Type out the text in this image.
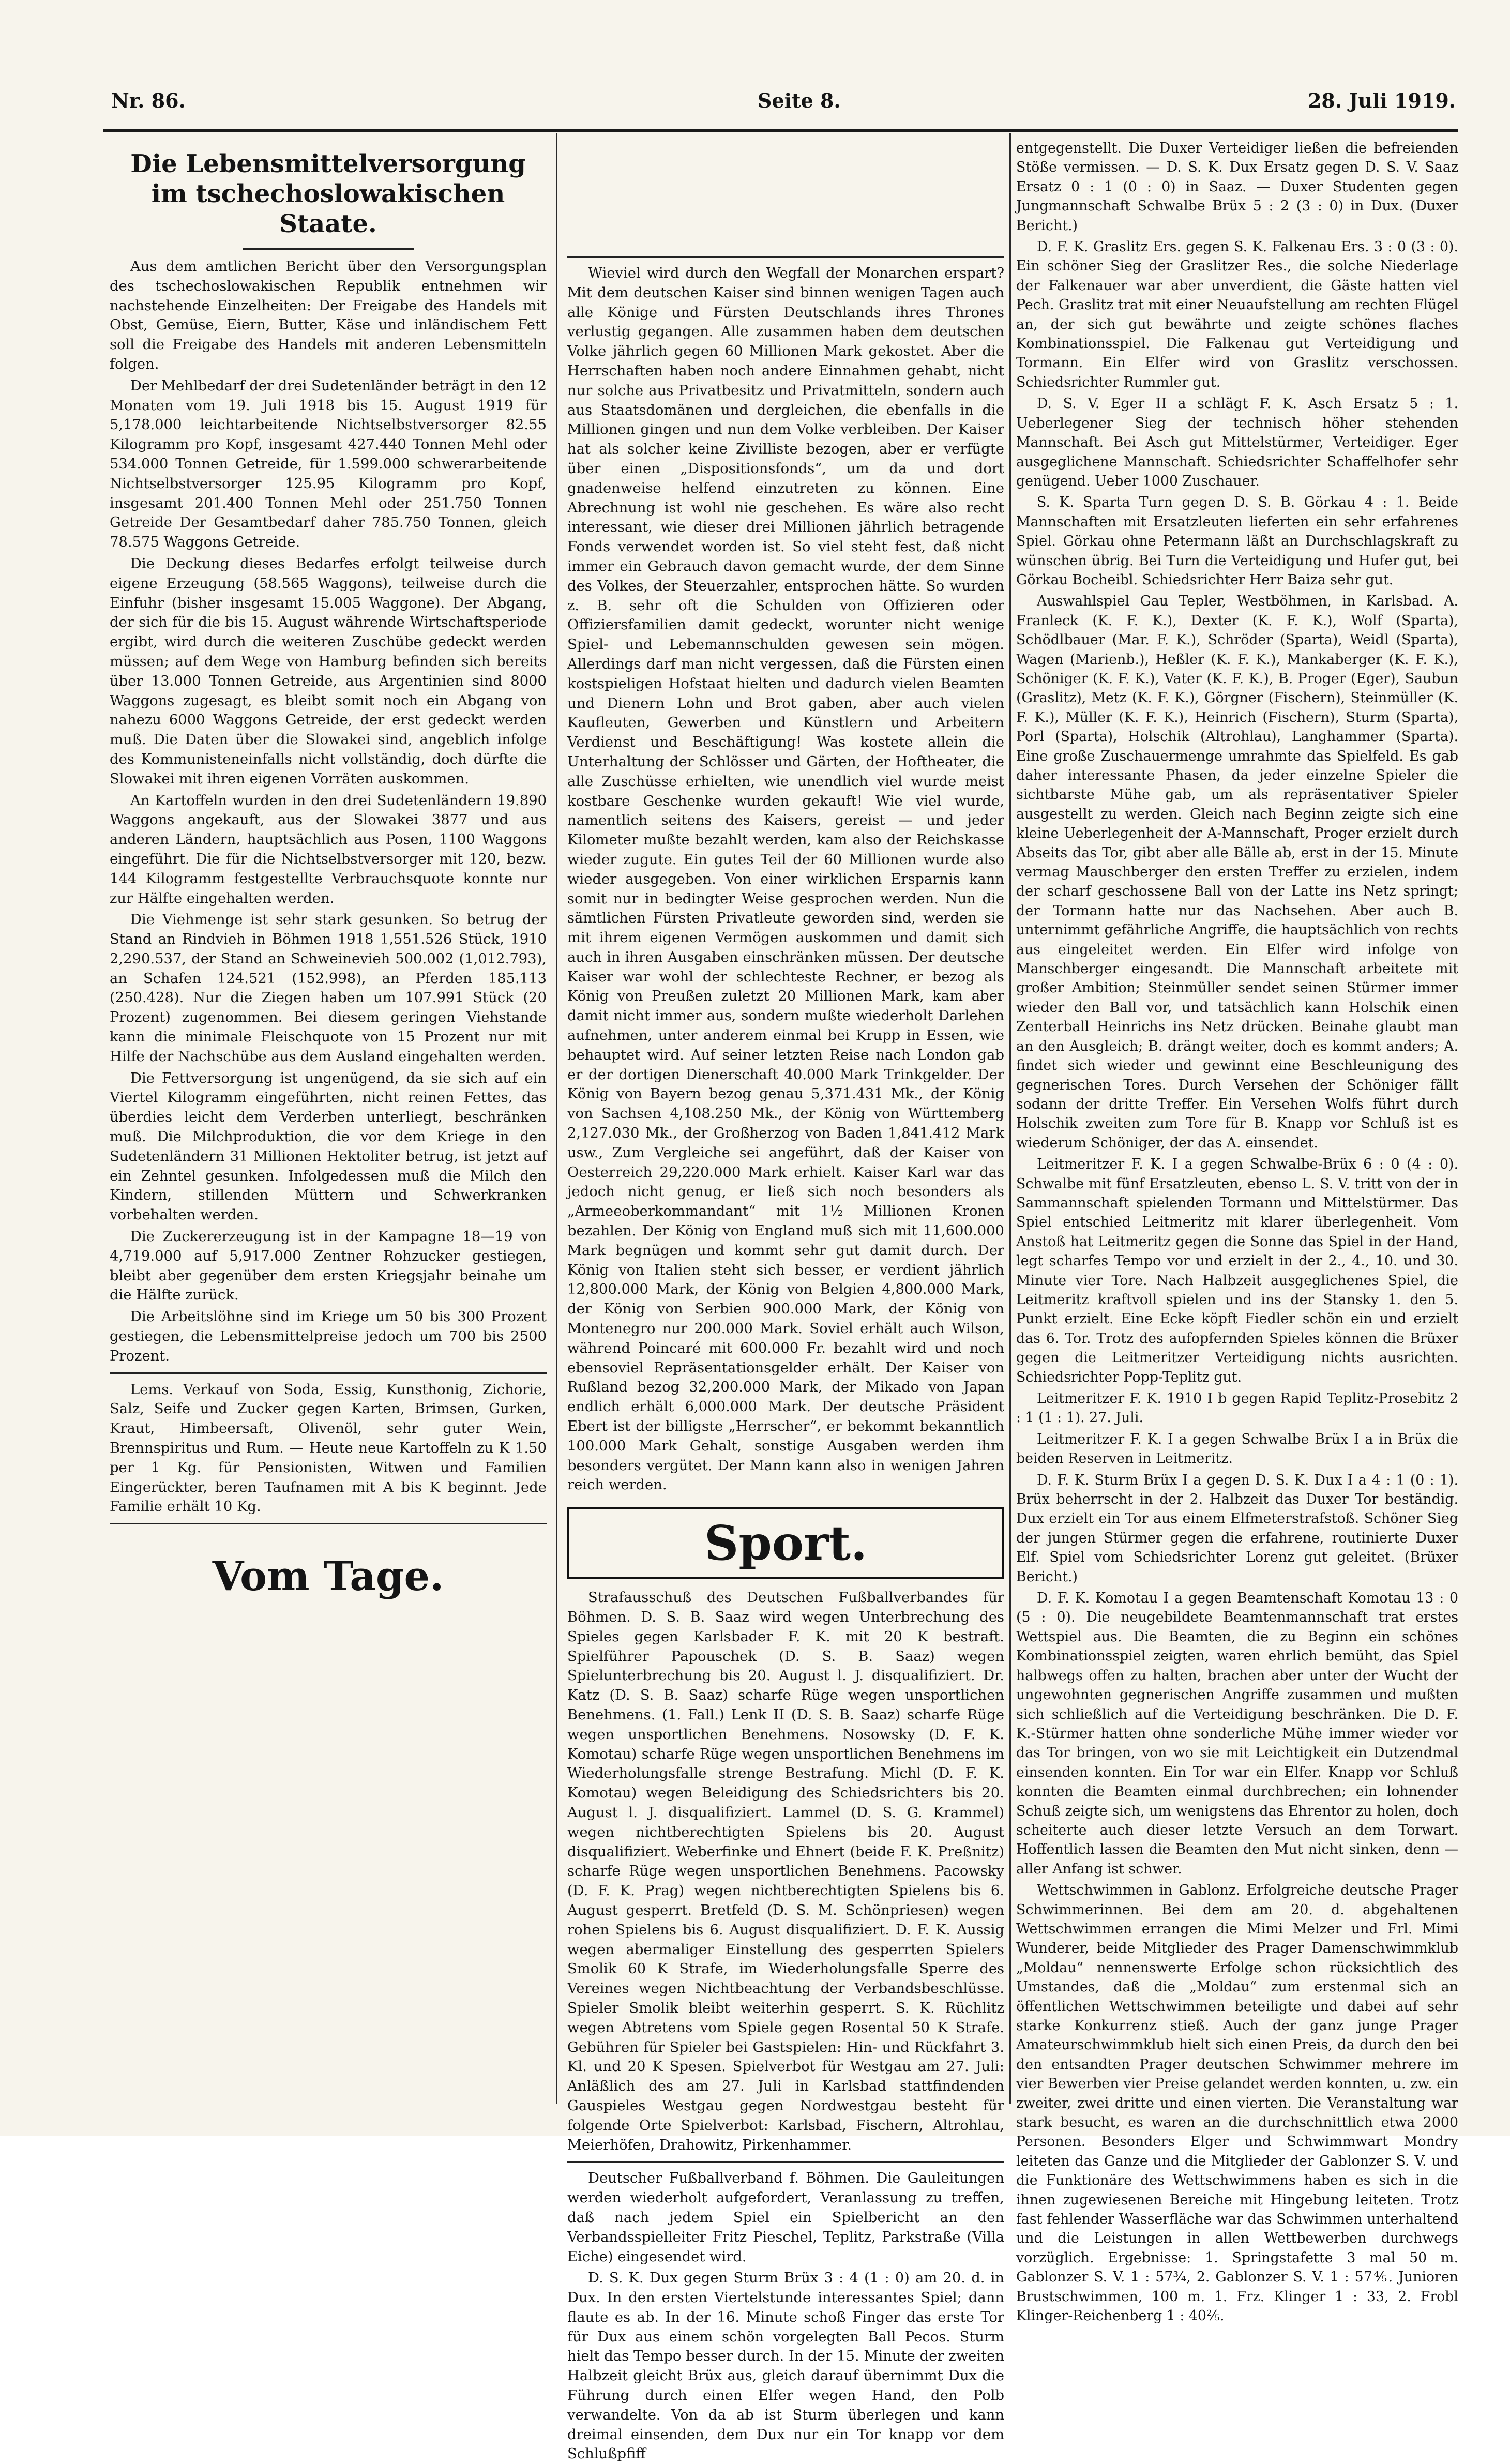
Nr. 86.	Seite 8.	28. Juli 1919.
Die Lebensmittelversorgung
im tschechoslowakischen Staate.

Aus dem amtlichen Bericht über den Versorgungsplan des tschechoslowakischen Republik entnehmen wir nachstehende Einzelheiten: Der Freigabe des Handels mit Obst, Gemüse, Eiern, Butter, Käse und inländischem Fett soll die Freigabe des Handels mit anderen Lebensmitteln folgen.

Der Mehlbedarf der drei Sudetenländer beträgt in den 12 Monaten vom 19. Juli 1918 bis 15. August 1919 für 5,178.000 leichtarbeitende Nichtselbstversorger 82.55 Kilogramm pro Kopf, insgesamt 427.440 Tonnen Mehl oder 534.000 Tonnen Getreide, für 1.599.000 schwerarbeitende Nichtselbstversorger 125.95 Kilogramm pro Kopf, insgesamt 201.400 Tonnen Mehl oder 251.750 Tonnen Getreide Der Gesamtbedarf daher 785.750 Tonnen, gleich 78.575 Waggons Getreide.

Die Deckung dieses Bedarfes erfolgt teilweise durch eigene Erzeugung (58.565 Waggons), teilweise durch die Einfuhr (bisher insgesamt 15.005 Waggone). Der Abgang, der sich für die bis 15. August währende Wirtschaftsperiode ergibt, wird durch die weiteren Zuschübe gedeckt werden müssen; auf dem Wege von Hamburg befinden sich bereits über 13.000 Tonnen Getreide, aus Argentinien sind 8000 Waggons zugesagt, es bleibt somit noch ein Abgang von nahezu 6000 Waggons Getreide, der erst gedeckt werden muß. Die Daten über die Slowakei sind, angeblich infolge des Kommunisteneinfalls nicht vollständig, doch dürfte die Slowakei mit ihren eigenen Vorräten auskommen.

An Kartoffeln wurden in den drei Sudetenländern 19.890 Waggons angekauft, aus der Slowakei 3877 und aus anderen Ländern, hauptsächlich aus Posen, 1100 Waggons eingeführt. Die für die Nichtselbstversorger mit 120, bezw. 144 Kilogramm festgestellte Verbrauchsquote konnte nur zur Hälfte eingehalten werden.

Die Viehmenge ist sehr stark gesunken. So betrug der Stand an Rindvieh in Böhmen 1918 1,551.526 Stück, 1910 2,290.537, der Stand an Schweinevieh 500.002 (1,012.793), an Schafen 124.521 (152.998), an Pferden 185.113 (250.428). Nur die Ziegen haben um 107.991 Stück (20 Prozent) zugenommen. Bei diesem geringen Viehstande kann die minimale Fleischquote von 15 Prozent nur mit Hilfe der Nachschübe aus dem Ausland eingehalten werden.

Die Fettversorgung ist ungenügend, da sie sich auf ein Viertel Kilogramm eingeführten, nicht reinen Fettes, das überdies leicht dem Verderben unterliegt, beschränken muß. Die Milchproduktion, die vor dem Kriege in den Sudetenländern 31 Millionen Hektoliter betrug, ist jetzt auf ein Zehntel gesunken. Infolgedessen muß die Milch den Kindern, stillenden Müttern und Schwerkranken vorbehalten werden.

Die Zuckererzeugung ist in der Kampagne 18—19 von 4,719.000 auf 5,917.000 Zentner Rohzucker gestiegen, bleibt aber gegenüber dem ersten Kriegsjahr beinahe um die Hälfte zurück.

Die Arbeitslöhne sind im Kriege um 50 bis 300 Prozent gestiegen, die Lebensmittelpreise jedoch um 700 bis 2500 Prozent.

Lems. Verkauf von Soda, Essig, Kunsthonig, Zichorie, Salz, Seife und Zucker gegen Karten, Brimsen, Gurken, Kraut, Himbeersaft, Olivenöl, sehr guter Wein, Brennspiritus und Rum. — Heute neue Kartoffeln zu K 1.50 per 1 Kg. für Pensionisten, Witwen und Familien Eingerückter, beren Taufnamen mit A bis K beginnt. Jede Familie erhält 10 Kg.

Vom Tage.

Wieviel wird durch den Wegfall der Monarchen erspart? Mit dem deutschen Kaiser sind binnen wenigen Tagen auch alle Könige und Fürsten Deutschlands ihres Thrones verlustig gegangen. Alle zusammen haben dem deutschen Volke jährlich gegen 60 Millionen Mark gekostet. Aber die Herrschaften haben noch andere Einnahmen gehabt, nicht nur solche aus Privatbesitz und Privatmitteln, sondern auch aus Staatsdomänen und dergleichen, die ebenfalls in die Millionen gingen und nun dem Volke verbleiben. Der Kaiser hat als solcher keine Zivilliste bezogen, aber er verfügte über einen „Dispositionsfonds“, um da und dort gnadenweise helfend einzutreten zu können. Eine Abrechnung ist wohl nie geschehen. Es wäre also recht interessant, wie dieser drei Millionen jährlich betragende Fonds verwendet worden ist. So viel steht fest, daß nicht immer ein Gebrauch davon gemacht wurde, der dem Sinne des Volkes, der Steuerzahler, entsprochen hätte. So wurden z. B. sehr oft die Schulden von Offizieren oder Offiziersfamilien damit gedeckt, worunter nicht wenige Spiel- und Lebemannschulden gewesen sein mögen. Allerdings darf man nicht vergessen, daß die Fürsten einen kostspieligen Hofstaat hielten und dadurch vielen Beamten und Dienern Lohn und Brot gaben, aber auch vielen Kaufleuten, Gewerben und Künstlern und Arbeitern Verdienst und Beschäftigung! Was kostete allein die Unterhaltung der Schlösser und Gärten, der Hoftheater, die alle Zuschüsse erhielten, wie unendlich viel wurde meist kostbare Geschenke wurden gekauft! Wie viel wurde, namentlich seitens des Kaisers, gereist — und jeder Kilometer mußte bezahlt werden, kam also der Reichskasse wieder zugute. Ein gutes Teil der 60 Millionen wurde also wieder ausgegeben. Von einer wirklichen Ersparnis kann somit nur in bedingter Weise gesprochen werden. Nun die sämtlichen Fürsten Privatleute geworden sind, werden sie mit ihrem eigenen Vermögen auskommen und damit sich auch in ihren Ausgaben einschränken müssen. Der deutsche Kaiser war wohl der schlechteste Rechner, er bezog als König von Preußen zuletzt 20 Millionen Mark, kam aber damit nicht immer aus, sondern mußte wiederholt Darlehen aufnehmen, unter anderem einmal bei Krupp in Essen, wie behauptet wird. Auf seiner letzten Reise nach London gab er der dortigen Dienerschaft 40.000 Mark Trinkgelder. Der König von Bayern bezog genau 5,371.431 Mk., der König von Sachsen 4,108.250 Mk., der König von Württemberg 2,127.030 Mk., der Großherzog von Baden 1,841.412 Mark usw., Zum Vergleiche sei angeführt, daß der Kaiser von Oesterreich 29,220.000 Mark erhielt. Kaiser Karl war das jedoch nicht genug, er ließ sich noch besonders als „Armeeoberkommandant“ mit 1½ Millionen Kronen bezahlen. Der König von England muß sich mit 11,600.000 Mark begnügen und kommt sehr gut damit durch. Der König von Italien steht sich besser, er verdient jährlich 12,800.000 Mark, der König von Belgien 4,800.000 Mark, der König von Serbien 900.000 Mark, der König von Montenegro nur 200.000 Mark. Soviel erhält auch Wilson, während Poincaré mit 600.000 Fr. bezahlt wird und noch ebensoviel Repräsentationsgelder erhält. Der Kaiser von Rußland bezog 32,200.000 Mark, der Mikado von Japan endlich erhält 6,000.000 Mark. Der deutsche Präsident Ebert ist der billigste „Herrscher“, er bekommt bekanntlich 100.000 Mark Gehalt, sonstige Ausgaben werden ihm besonders vergütet. Der Mann kann also in wenigen Jahren reich werden.

Sport.

Strafausschuß des Deutschen Fußballverbandes für Böhmen. D. S. B. Saaz wird wegen Unterbrechung des Spieles gegen Karlsbader F. K. mit 20 K bestraft. Spielführer Papouschek (D. S. B. Saaz) wegen Spielunterbrechung bis 20. August l. J. disqualifiziert. Dr. Katz (D. S. B. Saaz) scharfe Rüge wegen unsportlichen Benehmens. (1. Fall.) Lenk II (D. S. B. Saaz) scharfe Rüge wegen unsportlichen Benehmens. Nosowsky (D. F. K. Komotau) scharfe Rüge wegen unsportlichen Benehmens im Wiederholungsfalle strenge Bestrafung. Michl (D. F. K. Komotau) wegen Beleidigung des Schiedsrichters bis 20. August l. J. disqualifiziert. Lammel (D. S. G. Krammel) wegen nichtberechtigten Spielens bis 20. August disqualifiziert. Weberfinke und Ehnert (beide F. K. Preßnitz) scharfe Rüge wegen unsportlichen Benehmens. Pacowsky (D. F. K. Prag) wegen nichtberechtigten Spielens bis 6. August gesperrt. Bretfeld (D. S. M. Schönpriesen) wegen rohen Spielens bis 6. August disqualifiziert. D. F. K. Aussig wegen abermaliger Einstellung des gesperrten Spielers Smolik 60 K Strafe, im Wiederholungsfalle Sperre des Vereines wegen Nichtbeachtung der Verbandsbeschlüsse. Spieler Smolik bleibt weiterhin gesperrt. S. K. Rüchlitz wegen Abtretens vom Spiele gegen Rosental 50 K Strafe. Gebühren für Spieler bei Gastspielen: Hin- und Rückfahrt 3. Kl. und 20 K Spesen. Spielverbot für Westgau am 27. Juli: Anläßlich des am 27. Juli in Karlsbad stattfindenden Gauspieles Westgau gegen Nordwestgau besteht für folgende Orte Spielverbot: Karlsbad, Fischern, Altrohlau, Meierhöfen, Drahowitz, Pirkenhammer.

Deutscher Fußballverband f. Böhmen. Die Gauleitungen werden wiederholt aufgefordert, Veranlassung zu treffen, daß nach jedem Spiel ein Spielbericht an den Verbandsspielleiter Fritz Pieschel, Teplitz, Parkstraße (Villa Eiche) eingesendet wird.

D. S. K. Dux gegen Sturm Brüx 3 : 4 (1 : 0) am 20. d. in Dux. In den ersten Viertelstunde interessantes Spiel; dann flaute es ab. In der 16. Minute schoß Finger das erste Tor für Dux aus einem schön vorgelegten Ball Pecos. Sturm hielt das Tempo besser durch. In der 15. Minute der zweiten Halbzeit gleicht Brüx aus, gleich darauf übernimmt Dux die Führung durch einen Elfer wegen Hand, den Polb verwandelte. Von da ab ist Sturm überlegen und kann dreimal einsenden, dem Dux nur ein Tor knapp vor dem Schlußpfiff

entgegenstellt. Die Duxer Verteidiger ließen die befreienden Stöße vermissen. — D. S. K. Dux Ersatz gegen D. S. V. Saaz Ersatz 0 : 1 (0 : 0) in Saaz. — Duxer Studenten gegen Jungmannschaft Schwalbe Brüx 5 : 2 (3 : 0) in Dux. (Duxer Bericht.)

D. F. K. Graslitz Ers. gegen S. K. Falkenau Ers. 3 : 0 (3 : 0). Ein schöner Sieg der Graslitzer Res., die solche Niederlage der Falkenauer war aber unverdient, die Gäste hatten viel Pech. Graslitz trat mit einer Neuaufstellung am rechten Flügel an, der sich gut bewährte und zeigte schönes flaches Kombinationsspiel. Die Falkenau gut Verteidigung und Tormann. Ein Elfer wird von Graslitz verschossen. Schiedsrichter Rummler gut.

D. S. V. Eger II a schlägt F. K. Asch Ersatz 5 : 1. Ueberlegener Sieg der technisch höher stehenden Mannschaft. Bei Asch gut Mittelstürmer, Verteidiger. Eger ausgeglichene Mannschaft. Schiedsrichter Schaffelhofer sehr genügend. Ueber 1000 Zuschauer.

S. K. Sparta Turn gegen D. S. B. Görkau 4 : 1. Beide Mannschaften mit Ersatzleuten lieferten ein sehr erfahrenes Spiel. Görkau ohne Petermann läßt an Durchschlagskraft zu wünschen übrig. Bei Turn die Verteidigung und Hufer gut, bei Görkau Bocheibl. Schiedsrichter Herr Baiza sehr gut.

Auswahlspiel Gau Tepler, Westböhmen, in Karlsbad. A. Franleck (K. F. K.), Dexter (K. F. K.), Wolf (Sparta), Schödlbauer (Mar. F. K.), Schröder (Sparta), Weidl (Sparta), Wagen (Marienb.), Heßler (K. F. K.), Mankaberger (K. F. K.), Schöniger (K. F. K.), Vater (K. F. K.), B. Proger (Eger), Saubun (Graslitz), Metz (K. F. K.), Görgner (Fischern), Steinmüller (K. F. K.), Müller (K. F. K.), Heinrich (Fischern), Sturm (Sparta), Porl (Sparta), Holschik (Altrohlau), Langhammer (Sparta). Eine große Zuschauermenge umrahmte das Spielfeld. Es gab daher interessante Phasen, da jeder einzelne Spieler die sichtbarste Mühe gab, um als repräsentativer Spieler ausgestellt zu werden. Gleich nach Beginn zeigte sich eine kleine Ueberlegenheit der A-Mannschaft, Proger erzielt durch Abseits das Tor, gibt aber alle Bälle ab, erst in der 15. Minute vermag Mauschberger den ersten Treffer zu erzielen, indem der scharf geschossene Ball von der Latte ins Netz springt; der Tormann hatte nur das Nachsehen. Aber auch B. unternimmt gefährliche Angriffe, die hauptsächlich von rechts aus eingeleitet werden. Ein Elfer wird infolge von Manschberger eingesandt. Die Mannschaft arbeitete mit großer Ambition; Steinmüller sendet seinen Stürmer immer wieder den Ball vor, und tatsächlich kann Holschik einen Zenterball Heinrichs ins Netz drücken. Beinahe glaubt man an den Ausgleich; B. drängt weiter, doch es kommt anders; A. findet sich wieder und gewinnt eine Beschleunigung des gegnerischen Tores. Durch Versehen der Schöniger fällt sodann der dritte Treffer. Ein Versehen Wolfs führt durch Holschik zweiten zum Tore für B. Knapp vor Schluß ist es wiederum Schöniger, der das A. einsendet.

Leitmeritzer F. K. I a gegen Schwalbe-Brüx 6 : 0 (4 : 0). Schwalbe mit fünf Ersatzleuten, ebenso L. S. V. tritt von der in Sammannschaft spielenden Tormann und Mittelstürmer. Das Spiel entschied Leitmeritz mit klarer überlegenheit. Vom Anstoß hat Leitmeritz gegen die Sonne das Spiel in der Hand, legt scharfes Tempo vor und erzielt in der 2., 4., 10. und 30. Minute vier Tore. Nach Halbzeit ausgeglichenes Spiel, die Leitmeritz kraftvoll spielen und ins der Stansky 1. den 5. Punkt erzielt. Eine Ecke köpft Fiedler schön ein und erzielt das 6. Tor. Trotz des aufopfernden Spieles können die Brüxer gegen die Leitmeritzer Verteidigung nichts ausrichten. Schiedsrichter Popp-Teplitz gut.

Leitmeritzer F. K. 1910 I b gegen Rapid Teplitz-Prosebitz 2 : 1 (1 : 1). 27. Juli.

Leitmeritzer F. K. I a gegen Schwalbe Brüx I a in Brüx die beiden Reserven in Leitmeritz.

D. F. K. Sturm Brüx I a gegen D. S. K. Dux I a 4 : 1 (0 : 1). Brüx beherrscht in der 2. Halbzeit das Duxer Tor beständig. Dux erzielt ein Tor aus einem Elfmeterstrafstoß. Schöner Sieg der jungen Stürmer gegen die erfahrene, routinierte Duxer Elf. Spiel vom Schiedsrichter Lorenz gut geleitet. (Brüxer Bericht.)

D. F. K. Komotau I a gegen Beamtenschaft Komotau 13 : 0 (5 : 0). Die neugebildete Beamtenmannschaft trat erstes Wettspiel aus. Die Beamten, die zu Beginn ein schönes Kombinationsspiel zeigten, waren ehrlich bemüht, das Spiel halbwegs offen zu halten, brachen aber unter der Wucht der ungewohnten gegnerischen Angriffe zusammen und mußten sich schließlich auf die Verteidigung beschränken. Die D. F. K.-Stürmer hatten ohne sonderliche Mühe immer wieder vor das Tor bringen, von wo sie mit Leichtigkeit ein Dutzendmal einsenden konnten. Ein Tor war ein Elfer. Knapp vor Schluß konnten die Beamten einmal durchbrechen; ein lohnender Schuß zeigte sich, um wenigstens das Ehrentor zu holen, doch scheiterte auch dieser letzte Versuch an dem Torwart. Hoffentlich lassen die Beamten den Mut nicht sinken, denn — aller Anfang ist schwer.

Wettschwimmen in Gablonz. Erfolgreiche deutsche Prager Schwimmerinnen. Bei dem am 20. d. abgehaltenen Wettschwimmen errangen die Mimi Melzer und Frl. Mimi Wunderer, beide Mitglieder des Prager Damenschwimmklub „Moldau“ nennenswerte Erfolge schon rücksichtlich des Umstandes, daß die „Moldau“ zum erstenmal sich an öffentlichen Wettschwimmen beteiligte und dabei auf sehr starke Konkurrenz stieß. Auch der ganz junge Prager Amateurschwimmklub hielt sich einen Preis, da durch den bei den entsandten Prager deutschen Schwimmer mehrere im vier Bewerben vier Preise gelandet werden konnten, u. zw. ein zweiter, zwei dritte und einen vierten. Die Veranstaltung war stark besucht, es waren an die durchschnittlich etwa 2000 Personen. Besonders Elger und Schwimmwart Mondry leiteten das Ganze und die Mitglieder der Gablonzer S. V. und die Funktionäre des Wettschwimmens haben es sich in die ihnen zugewiesenen Bereiche mit Hingebung leiteten. Trotz fast fehlender Wasserfläche war das Schwimmen unterhaltend und die Leistungen in allen Wettbewerben durchwegs vorzüglich. Ergebnisse: 1. Springstafette 3 mal 50 m. Gablonzer S. V. 1 : 57¾, 2. Gablonzer S. V. 1 : 57⅘. Junioren Brustschwimmen, 100 m. 1. Frz. Klinger 1 : 33, 2. Frobl Klinger-Reichenberg 1 : 40⅖.
